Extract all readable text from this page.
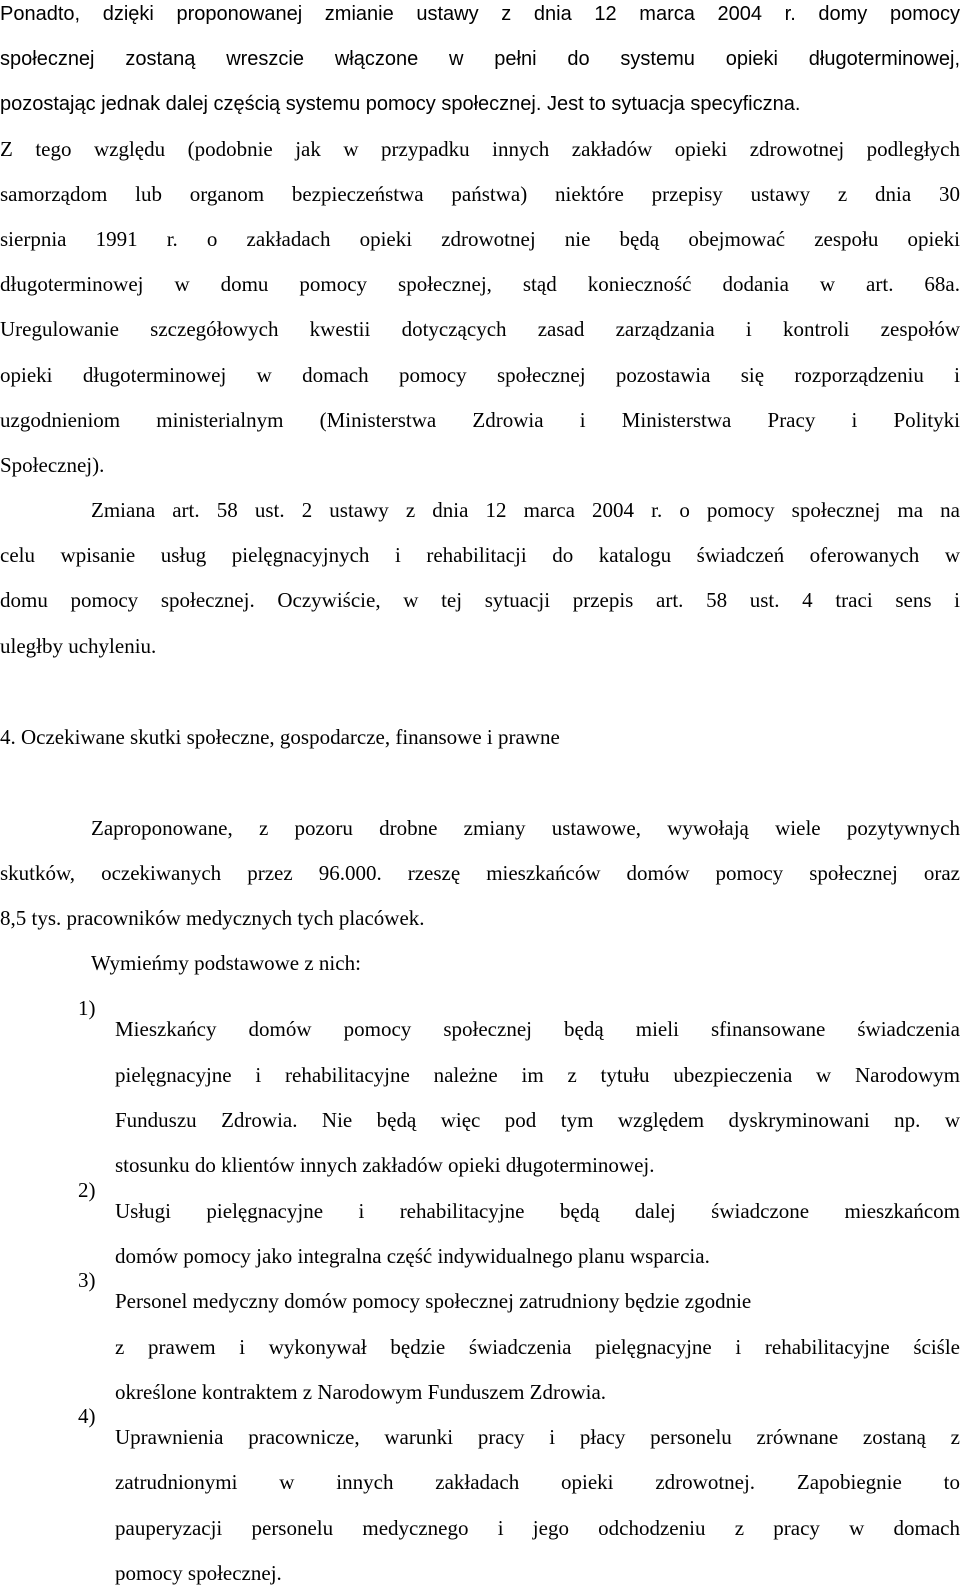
Ponadto, dzięki proponowanej zmianie ustawy z dnia 12 marca 2004 r. domy pomocy

społecznej zostaną wreszcie włączone w pełni do systemu opieki długoterminowej,

pozostając jednak dalej częścią systemu pomocy społecznej. Jest to sytuacja specyficzna.

Z tego względu (podobnie jak w przypadku innych zakładów opieki zdrowotnej podległych

samorządom lub organom bezpieczeństwa państwa) niektóre przepisy ustawy z dnia 30

sierpnia 1991 r. o zakładach opieki zdrowotnej nie będą obejmować zespołu opieki

długoterminowej w domu pomocy społecznej, stąd konieczność dodania w art. 68a.

Uregulowanie szczegółowych kwestii dotyczących zasad zarządzania i kontroli zespołów

opieki długoterminowej w domach pomocy społecznej pozostawia się rozporządzeniu i

uzgodnieniom ministerialnym (Ministerstwa Zdrowia i Ministerstwa Pracy i Polityki

Społecznej).

Zmiana art. 58 ust. 2 ustawy z dnia 12 marca 2004 r. o pomocy społecznej ma na

celu wpisanie usług pielęgnacyjnych i rehabilitacji do katalogu świadczeń oferowanych w

domu pomocy społecznej. Oczywiście, w tej sytuacji przepis art. 58 ust. 4 traci sens i

uległby uchyleniu.

4. Oczekiwane skutki społeczne, gospodarcze, finansowe i prawne

Zaproponowane, z pozoru drobne zmiany ustawowe, wywołają wiele pozytywnych

skutków, oczekiwanych przez 96.000. rzeszę mieszkańców domów pomocy społecznej oraz

8,5 tys. pracowników medycznych tych placówek.

Wymieńmy podstawowe z nich:

1)

Mieszkańcy domów pomocy społecznej będą mieli sfinansowane świadczenia

pielęgnacyjne i rehabilitacyjne należne im z tytułu ubezpieczenia w Narodowym

Funduszu Zdrowia. Nie będą więc pod tym względem dyskryminowani np. w

stosunku do klientów innych zakładów opieki długoterminowej.

2)

Usługi pielęgnacyjne i rehabilitacyjne będą dalej świadczone mieszkańcom

domów pomocy jako integralna część indywidualnego planu wsparcia.

3)

Personel medyczny domów pomocy społecznej zatrudniony będzie zgodnie

z prawem i wykonywał będzie świadczenia pielęgnacyjne i rehabilitacyjne ściśle

określone kontraktem z Narodowym Funduszem Zdrowia.

4)

Uprawnienia pracownicze, warunki pracy i płacy personelu zrównane zostaną z

zatrudnionymi w innych zakładach opieki zdrowotnej. Zapobiegnie to

pauperyzacji personelu medycznego i jego odchodzeniu z pracy w domach

pomocy społecznej.
